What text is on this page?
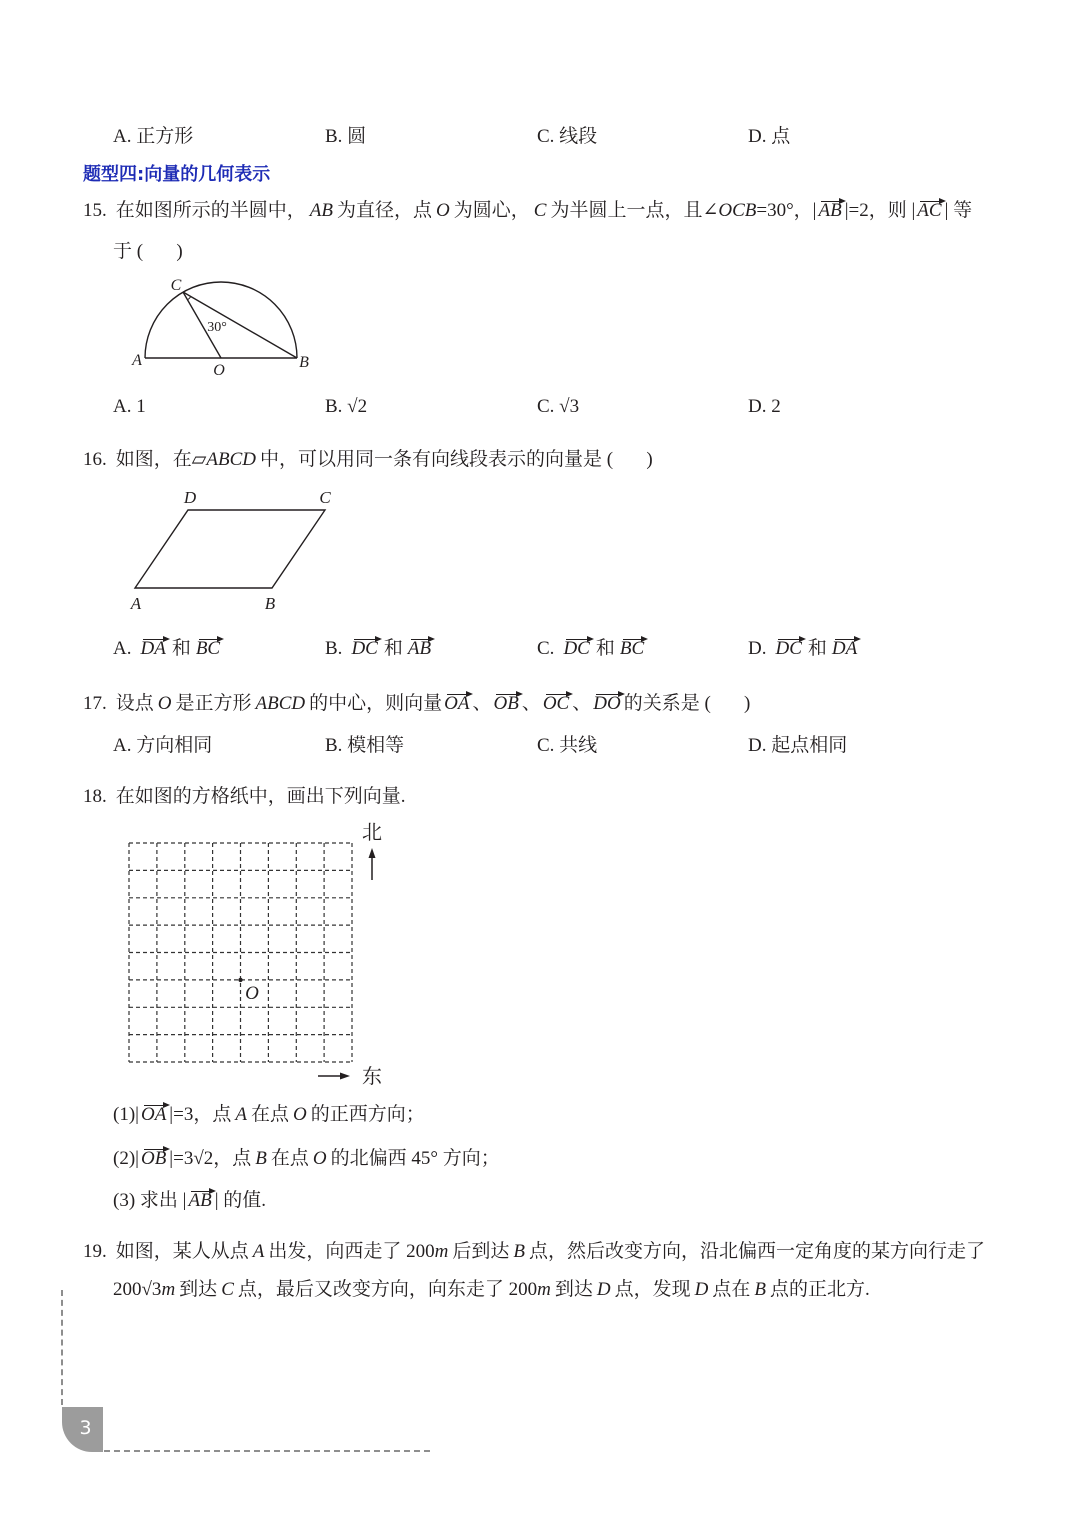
A. 正方形	B. 圆	C. 线段	D. 点
题型四:向量的几何表示
15. 在如图所示的半圆中， AB 为直径，点 O 为圆心， C 为半圆上一点，且∠ OCB =30°，| AB |=2，则 | AC | 等
于 (       )
C
30°
A
O	B
A. 1	B. √2	C. √3	D. 2
16. 如图，在▱ ABCD 中，可以用同一条有向线段表示的向量是 (       )
D	C
A	B
A. DA 和 BC	B. DC 和 AB	C. DC 和 BC	D. DC 和 DA
17. 设点 O 是正方形 ABCD 的中心，则向量 OA 、 OB 、 OC 、 DO 的关系是 (       )
A. 方向相同	B. 模相等	C. 共线	D. 起点相同
18. 在如图的方格纸中，画出下列向量.
O
北
东
(1)| OA |=3，点 A 在点 O 的正西方向；
(2)| OB |=3√2，点 B 在点 O 的北偏西 45° 方向；
(3) 求出 | AB | 的值.
19. 如图，某人从点 A 出发，向西走了 200 m 后到达 B 点，然后改变方向，沿北偏西一定角度的某方向行走了
200√3 m 到达 C 点，最后又改变方向，向东走了 200 m 到达 D 点，发现 D 点在 B 点的正北方.
3
